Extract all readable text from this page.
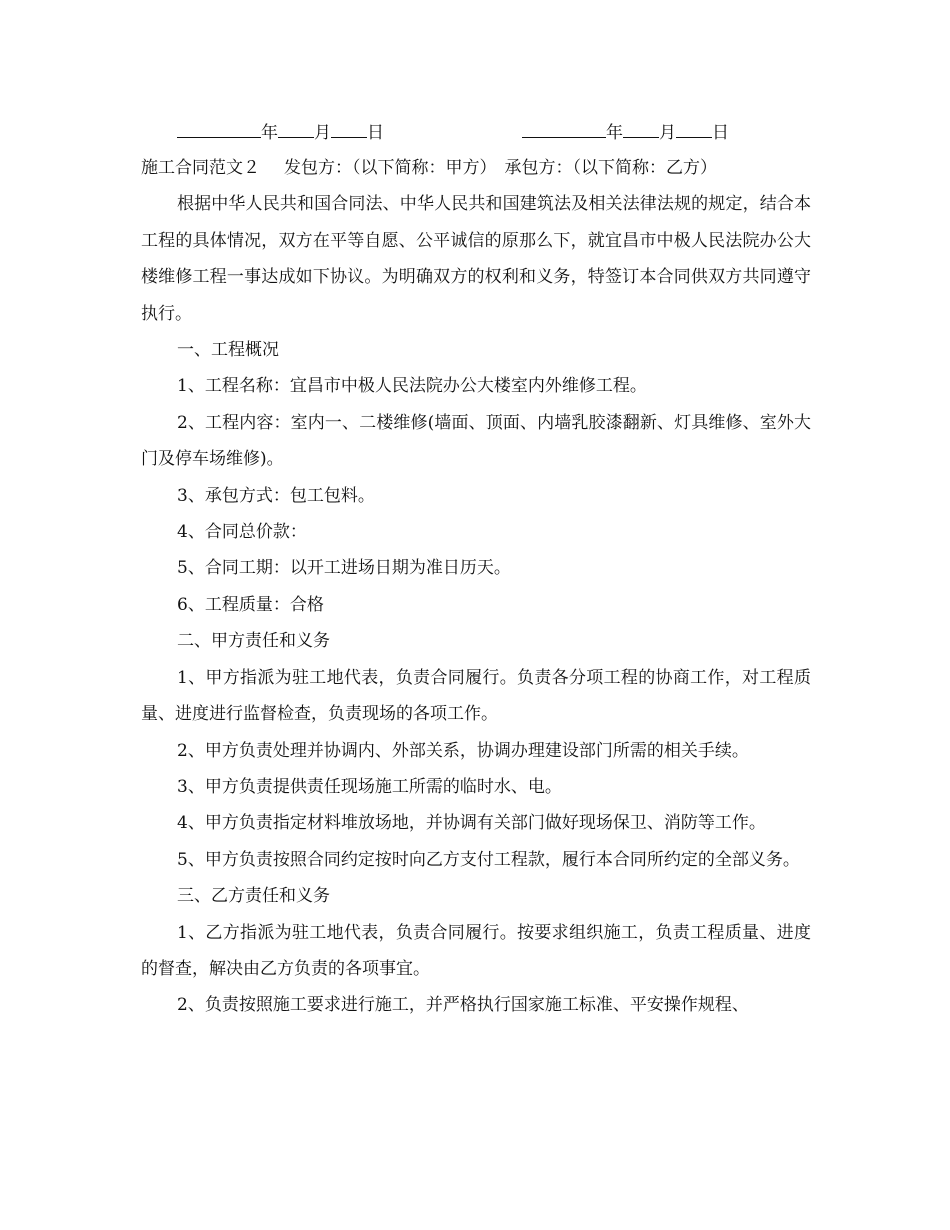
年 月 日	年 月 日

施工合同范文２ 发包方：（以下简称：甲方） 承包方：（以下简称：乙方）

根据中华人民共和国合同法、中华人民共和国建筑法及相关法律法规的规定，结合本工程的具体情况，双方在平等自愿、公平诚信的原那么下，就宜昌市中极人民法院办公大楼维修工程一事达成如下协议。为明确双方的权利和义务，特签订本合同供双方共同遵守执行。

一、工程概况

1、工程名称：宜昌市中极人民法院办公大楼室内外维修工程。

2、工程内容：室内一、二楼维修(墙面、顶面、内墙乳胶漆翻新、灯具维修、室外大门及停车场维修)。

3、承包方式：包工包料。

4、合同总价款：

5、合同工期：以开工进场日期为准日历天。

6、工程质量：合格

二、甲方责任和义务

1、甲方指派为驻工地代表，负责合同履行。负责各分项工程的协商工作，对工程质量、进度进行监督检查，负责现场的各项工作。

2、甲方负责处理并协调内、外部关系，协调办理建设部门所需的相关手续。

3、甲方负责提供责任现场施工所需的临时水、电。

4、甲方负责指定材料堆放场地，并协调有关部门做好现场保卫、消防等工作。

5、甲方负责按照合同约定按时向乙方支付工程款，履行本合同所约定的全部义务。

三、乙方责任和义务

1、乙方指派为驻工地代表，负责合同履行。按要求组织施工，负责工程质量、进度的督查，解决由乙方负责的各项事宜。

2、负责按照施工要求进行施工，并严格执行国家施工标准、平安操作规程、
